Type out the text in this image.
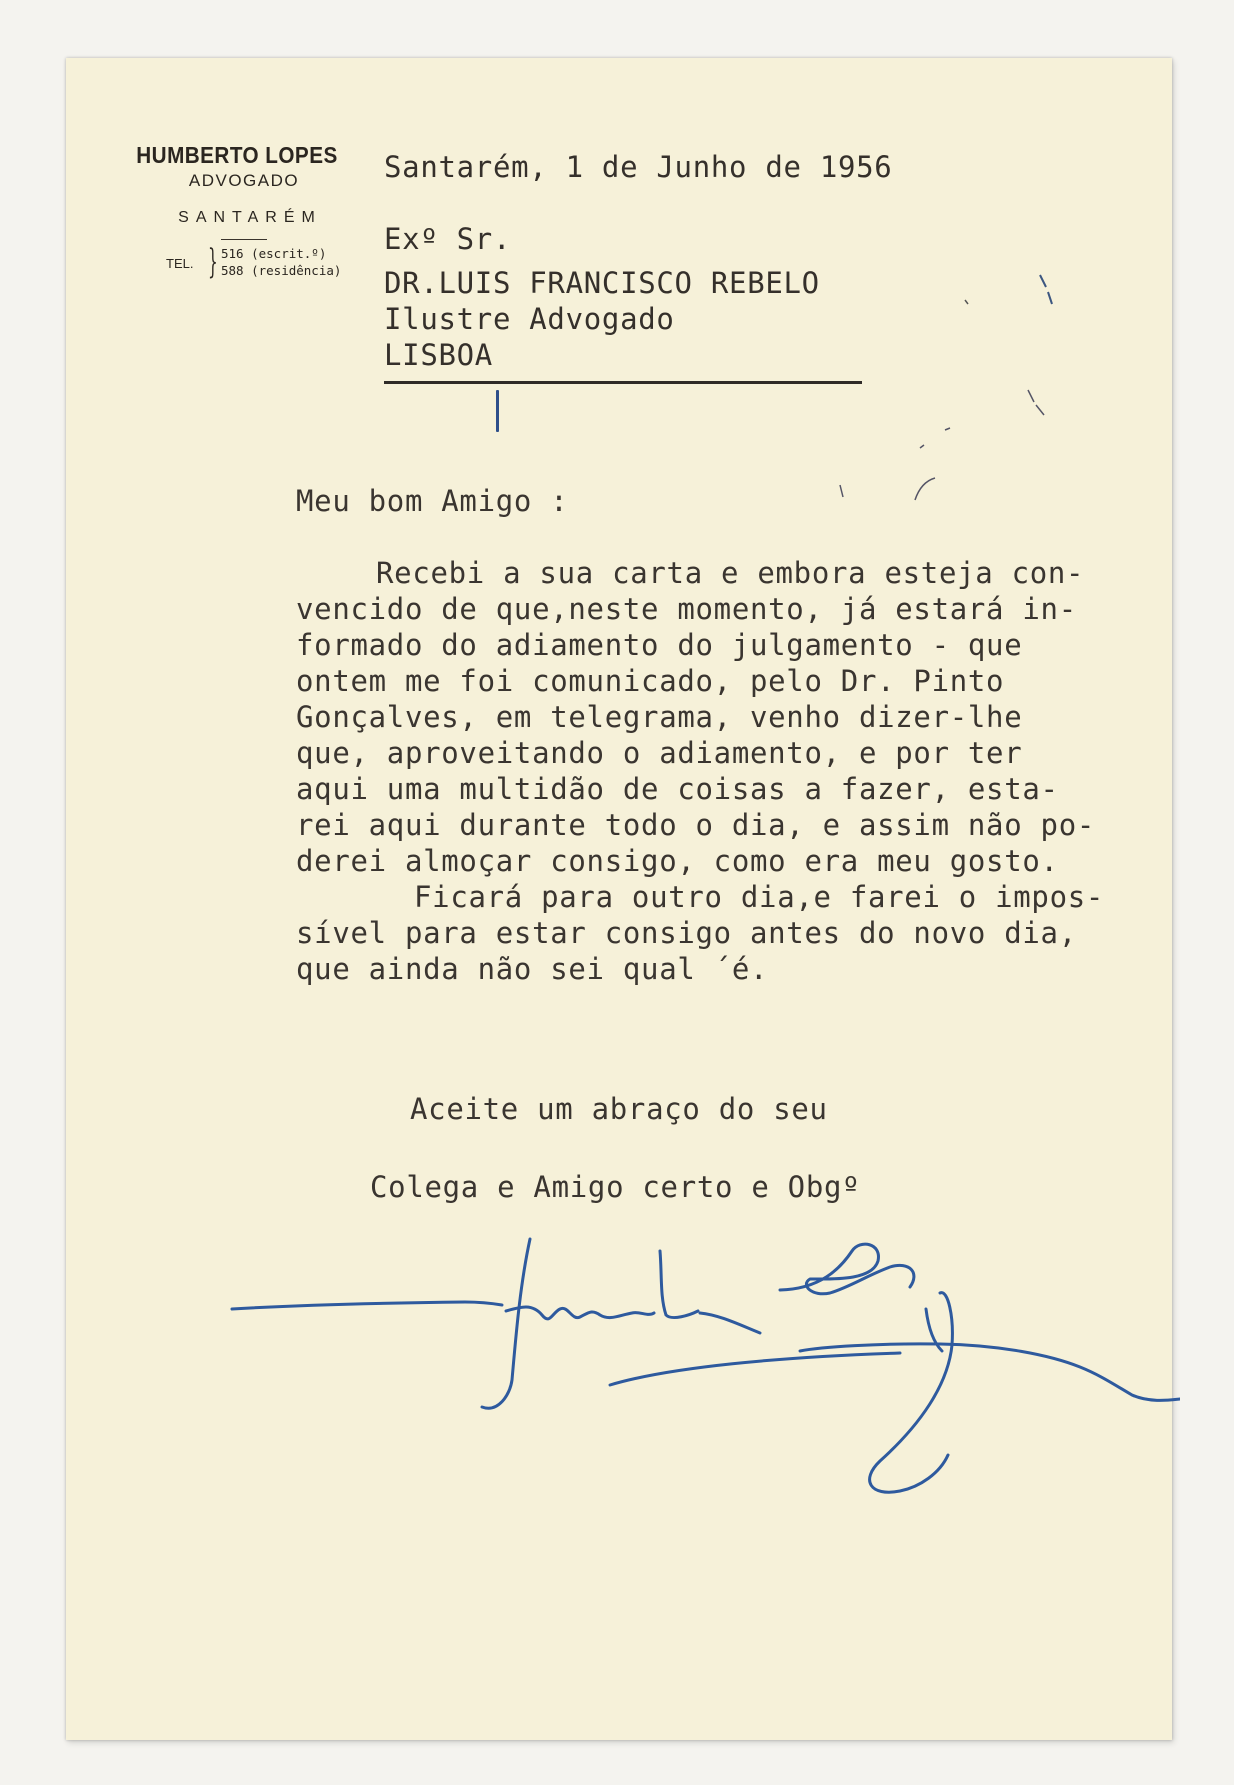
HUMBERTO LOPES
ADVOGADO
SANTARÉM
TEL. } 516 (escrit.º)
588 (residência)
Santarém, 1 de Junho de 1956
Exº Sr.
DR.LUIS FRANCISCO REBELO
Ilustre Advogado
LISBOA
Meu bom Amigo :
Recebi a sua carta e embora esteja con-
vencido de que,neste momento, já estará in-
formado do adiamento do julgamento - que
ontem me foi comunicado, pelo Dr. Pinto
Gonçalves, em telegrama, venho dizer-lhe
que, aproveitando o adiamento, e por ter
aqui uma multidão de coisas a fazer, esta-
rei aqui durante todo o dia, e assim não po-
derei almoçar consigo, como era meu gosto.
Ficará para outro dia,e farei o impos-
sível para estar consigo antes do novo dia,
que ainda não sei qual ´é.
Aceite um abraço do seu
Colega e Amigo certo e Obgº
